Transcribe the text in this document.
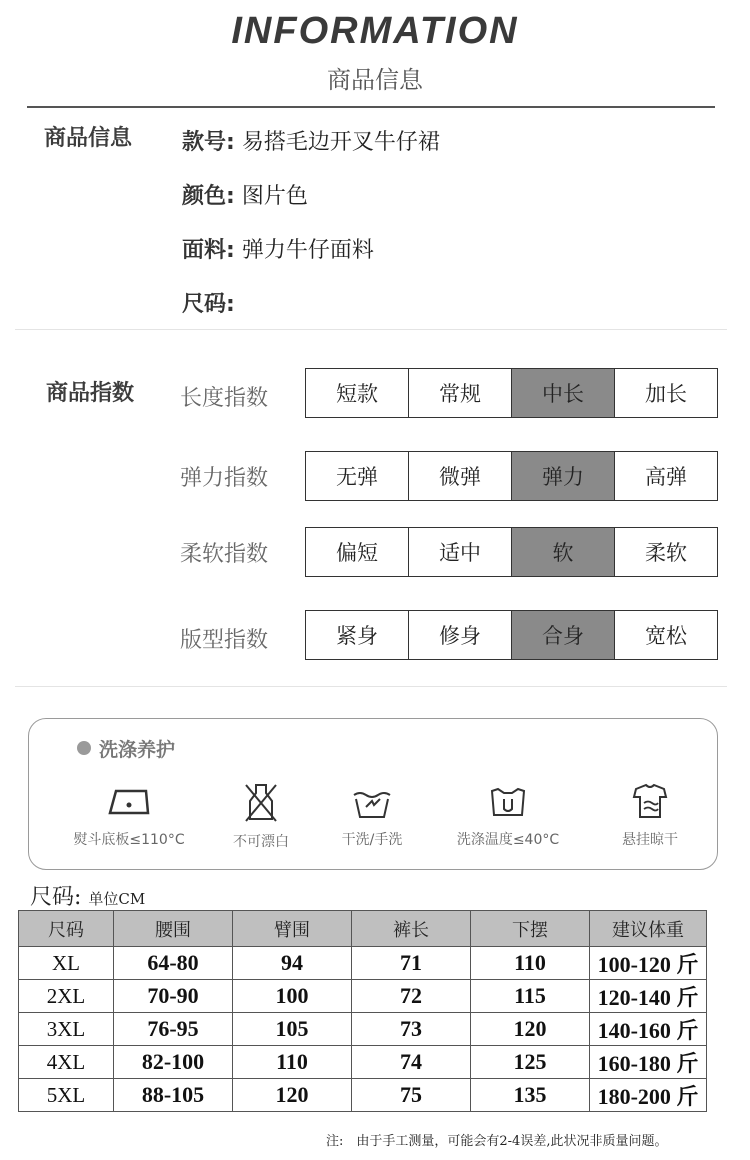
INFORMATION
商品信息
商品信息 款号: 易搭毛边开叉牛仔裙
颜色: 图片色
面料: 弹力牛仔面料
尺码:
商品指数 长度指数	短款	常规	中长	加长
弹力指数	无弹	微弹	弹力	高弹
柔软指数	偏短	适中	软	柔软
版型指数	紧身	修身	合身	宽松
洗涤养护
熨斗底板≤110°C	不可漂白	干洗/手洗	洗涤温度≤40°C	悬挂晾干
尺码: 单位CM
尺码	腰围	臂围	裤长	下摆	建议体重
XL	64-80	94	71	110	100-120 斤
2XL	70-90	100	72	115	120-140 斤
3XL	76-95	105	73	120	140-160 斤
4XL	82-100	110	74	125	160-180 斤
5XL	88-105	120	75	135	180-200 斤
注:　由于手工测量，可能会有2-4误差,此状况非质量问题。
